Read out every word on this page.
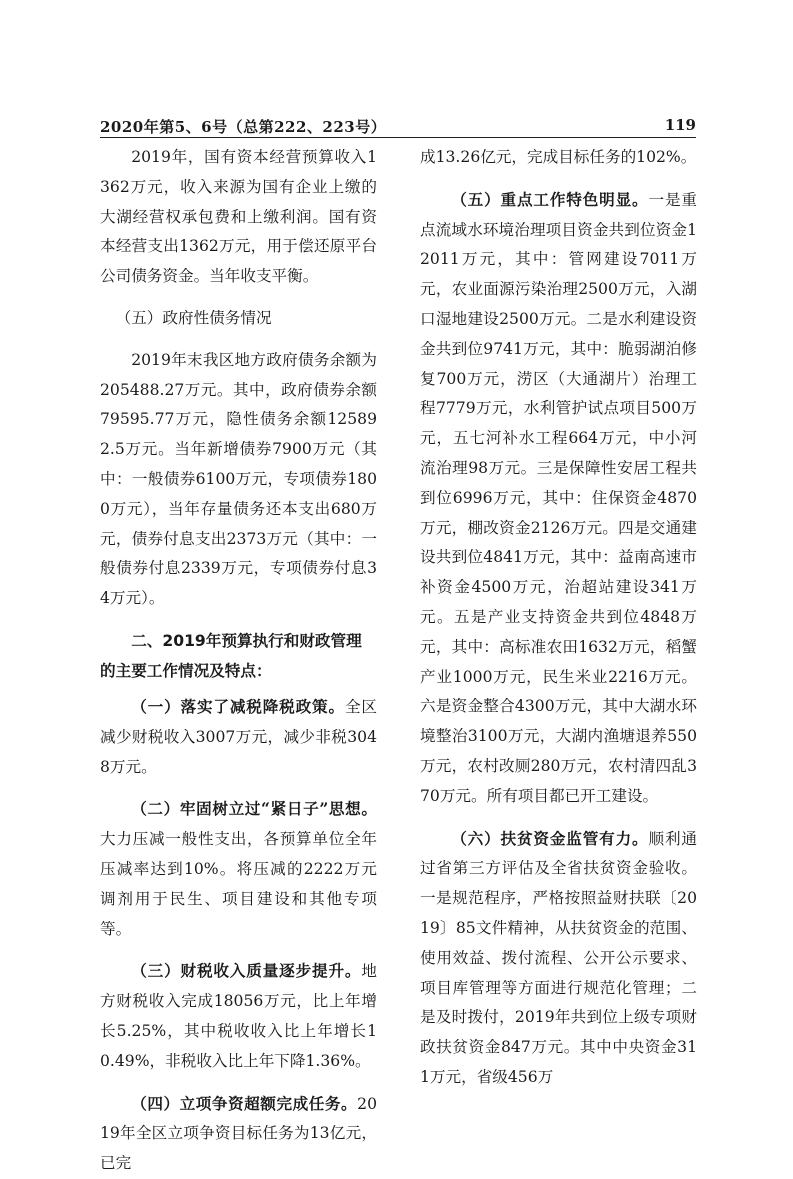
2020年第5、6号（总第222、223号）	119

2019年，国有资本经营预算收入1362万元，收入来源为国有企业上缴的大湖经营权承包费和上缴利润。国有资本经营支出1362万元，用于偿还原平台公司债务资金。当年收支平衡。

（五）政府性债务情况

2019年末我区地方政府债务余额为205488.27万元。其中，政府债券余额79595.77万元，隐性债务余额125892.5万元。当年新增债券7900万元（其中：一般债券6100万元，专项债券1800万元），当年存量债务还本支出680万元，债券付息支出2373万元（其中：一般债券付息2339万元，专项债券付息34万元）。

二、2019年预算执行和财政管理的主要工作情况及特点：

（一）落实了减税降税政策。全区减少财税收入3007万元，减少非税3048万元。

（二）牢固树立过“紧日子”思想。大力压减一般性支出，各预算单位全年压减率达到10%。将压减的2222万元调剂用于民生、项目建设和其他专项等。

（三）财税收入质量逐步提升。地方财税收入完成18056万元，比上年增长5.25%，其中税收收入比上年增长10.49%，非税收入比上年下降1.36%。

（四）立项争资超额完成任务。2019年全区立项争资目标任务为13亿元，已完

成13.26亿元，完成目标任务的102%。

（五）重点工作特色明显。一是重点流域水环境治理项目资金共到位资金12011万元，其中：管网建设7011万元，农业面源污染治理2500万元，入湖口湿地建设2500万元。二是水利建设资金共到位9741万元，其中：脆弱湖泊修复700万元，涝区（大通湖片）治理工程7779万元，水利管护试点项目500万元，五七河补水工程664万元，中小河流治理98万元。三是保障性安居工程共到位6996万元，其中：住保资金4870万元，棚改资金2126万元。四是交通建设共到位4841万元，其中：益南高速市补资金4500万元，治超站建设341万元。五是产业支持资金共到位4848万元，其中：高标准农田1632万元，稻蟹产业1000万元，民生米业2216万元。六是资金整合4300万元，其中大湖水环境整治3100万元，大湖内渔塘退养550万元，农村改厕280万元，农村清四乱370万元。所有项目都已开工建设。

（六）扶贫资金监管有力。顺利通过省第三方评估及全省扶贫资金验收。一是规范程序，严格按照益财扶联〔2019〕85文件精神，从扶贫资金的范围、使用效益、拨付流程、公开公示要求、项目库管理等方面进行规范化管理；二是及时拨付，2019年共到位上级专项财政扶贫资金847万元。其中中央资金311万元，省级456万
